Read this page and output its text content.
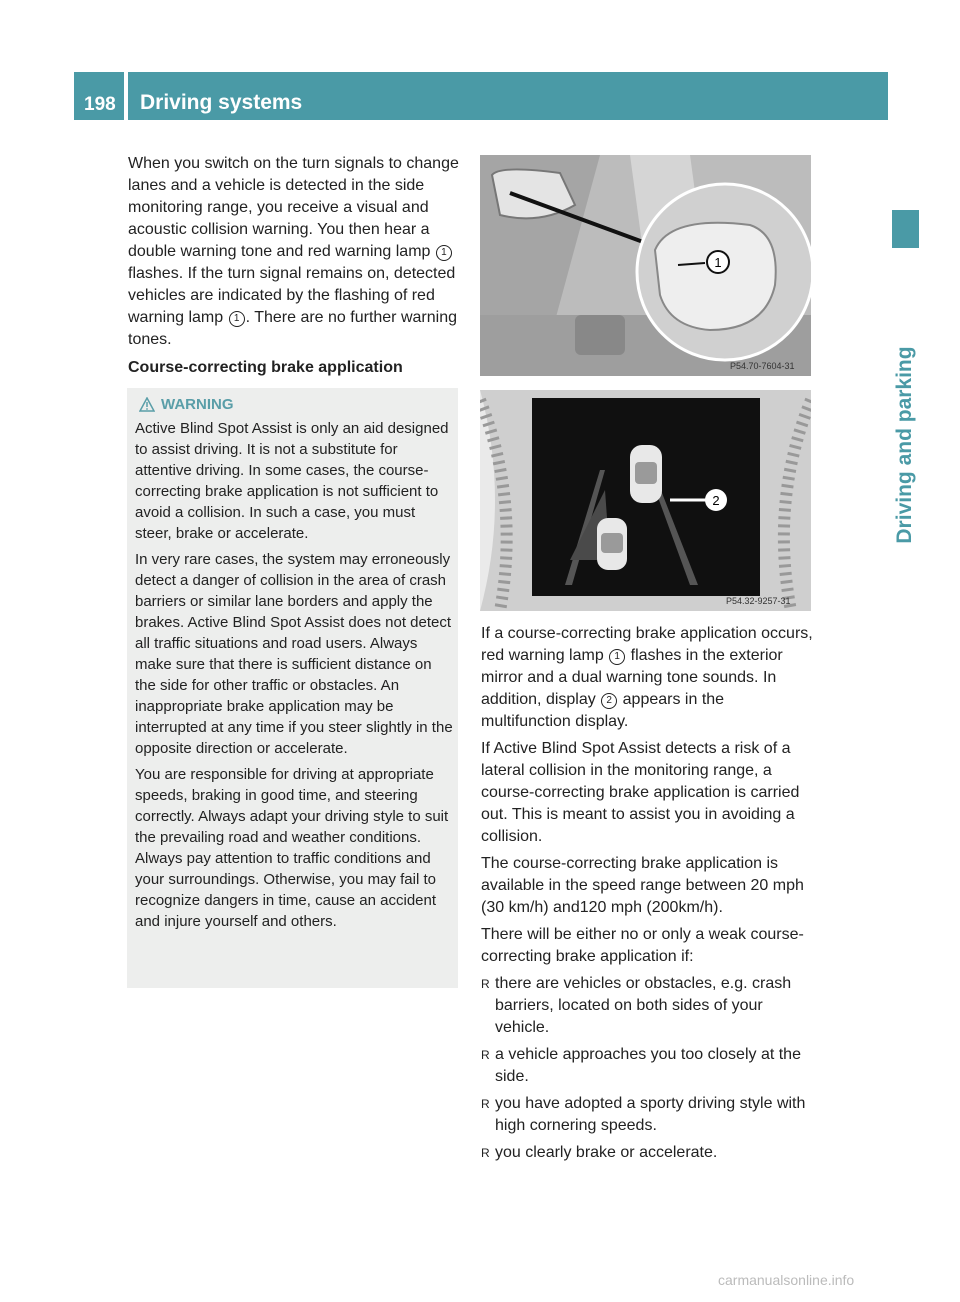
198 Driving systems
Driving and parking

When you switch on the turn signals to change lanes and a vehicle is detected in the side monitoring range, you receive a visual and acoustic collision warning. You then hear a double warning tone and red warning lamp 1 flashes. If the turn signal remains on, detected vehicles are indicated by the flashing of red warning lamp 1 . There are no further warning tones.

Course-correcting brake application

WARNING

Active Blind Spot Assist is only an aid designed to assist driving. It is not a substitute for attentive driving. In some cases, the course-correcting brake application is not sufficient to avoid a collision. In such a case, you must steer, brake or accelerate.

In very rare cases, the system may erroneously detect a danger of collision in the area of crash barriers or similar lane borders and apply the brakes. Active Blind Spot Assist does not detect all traffic situations and road users. Always make sure that there is sufficient distance on the side for other traffic or obstacles. An inappropriate brake application may be interrupted at any time if you steer slightly in the opposite direction or accelerate.

You are responsible for driving at appropriate speeds, braking in good time, and steering correctly. Always adapt your driving style to suit the prevailing road and weather conditions. Always pay attention to traffic conditions and your surroundings. Otherwise, you may fail to recognize dangers in time, cause an accident and injure yourself and others.

1
P54.70-7604-31
2
P54.32-9257-31

If a course-correcting brake application occurs, red warning lamp 1 flashes in the exterior mirror and a dual warning tone sounds. In addition, display 2 appears in the multifunction display.

If Active Blind Spot Assist detects a risk of a lateral collision in the monitoring range, a course-correcting brake application is carried out. This is meant to assist you in avoiding a collision.

The course-correcting brake application is available in the speed range between 20 mph (30 km/h) and120 mph (200km/h).

There will be either no or only a weak course-correcting brake application if:

R there are vehicles or obstacles, e.g. crash barriers, located on both sides of your vehicle.
R a vehicle approaches you too closely at the side.
R you have adopted a sporty driving style with high cornering speeds.
R you clearly brake or accelerate.
carmanualsonline.info
